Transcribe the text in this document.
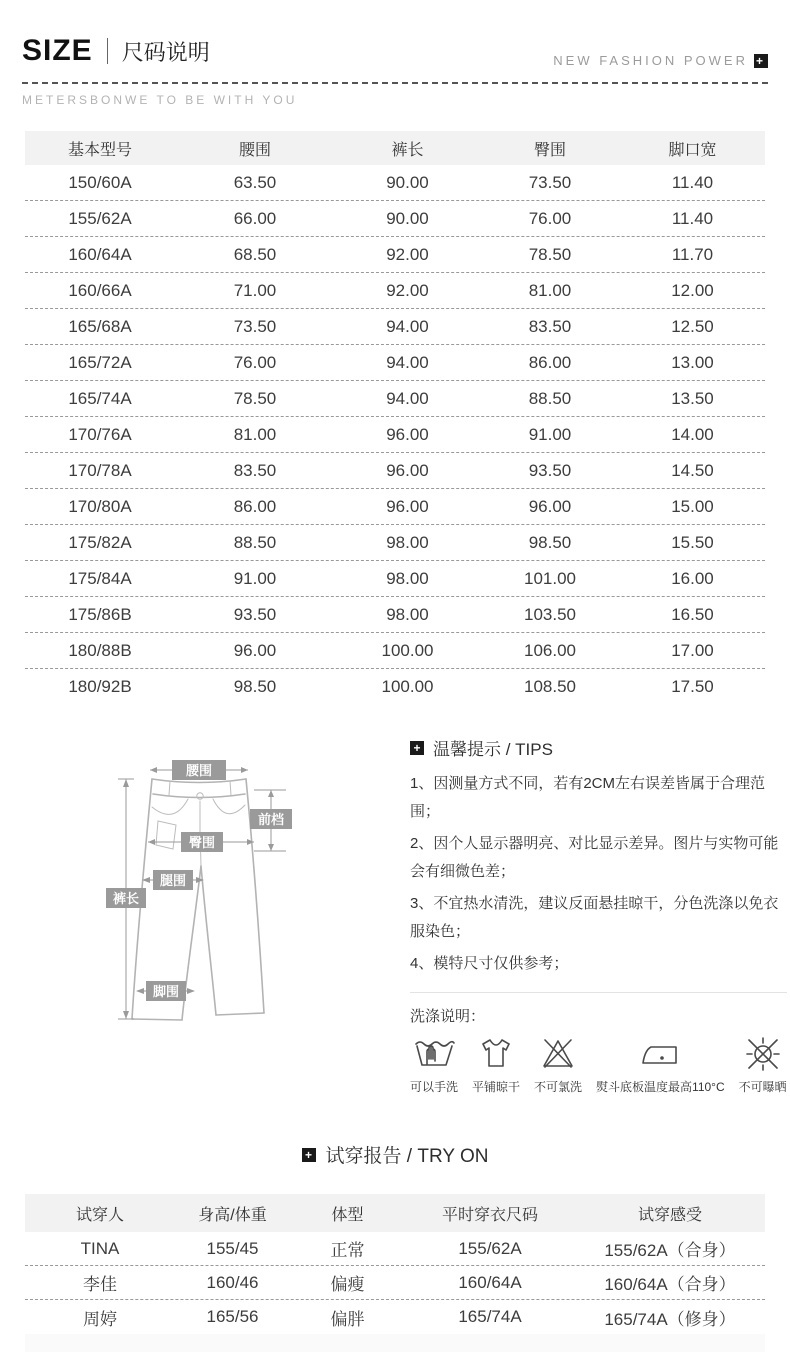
SIZE 尺码说明	NEW FASHION POWER +
METERSBONWE TO BE WITH YOU
基本型号	腰围	裤长	臀围	脚口宽
150/60A	63.50	90.00	73.50	11.40
155/62A	66.00	90.00	76.00	11.40
160/64A	68.50	92.00	78.50	11.70
160/66A	71.00	92.00	81.00	12.00
165/68A	73.50	94.00	83.50	12.50
165/72A	76.00	94.00	86.00	13.00
165/74A	78.50	94.00	88.50	13.50
170/76A	81.00	96.00	91.00	14.00
170/78A	83.50	96.00	93.50	14.50
170/80A	86.00	96.00	96.00	15.00
175/82A	88.50	98.00	98.50	15.50
175/84A	91.00	98.00	101.00	16.00
175/86B	93.50	98.00	103.50	16.50
180/88B	96.00	100.00	106.00	17.00
180/92B	98.50	100.00	108.50	17.50
腰围
前档
臀围
腿围
裤长
脚围
+ 温馨提示 / TIPS
1、因测量方式不同，若有2CM左右误差皆属于合理范围；
2、因个人显示器明亮、对比显示差异。图片与实物可能会有细微色差；
3、不宜热水清洗，建议反面悬挂晾干，分色洗涤以免衣服染色；
4、模特尺寸仅供参考；
洗涤说明：
可以手洗 平铺晾干 不可氯洗 熨斗底板温度最高110°C 不可曝晒
+ 试穿报告 / TRY ON
试穿人	身高/体重	体型	平时穿衣尺码	试穿感受
TINA	155/45	正常	155/62A	155/62A（合身）
李佳	160/46	偏瘦	160/64A	160/64A（合身）
周婷	165/56	偏胖	165/74A	165/74A（修身）
